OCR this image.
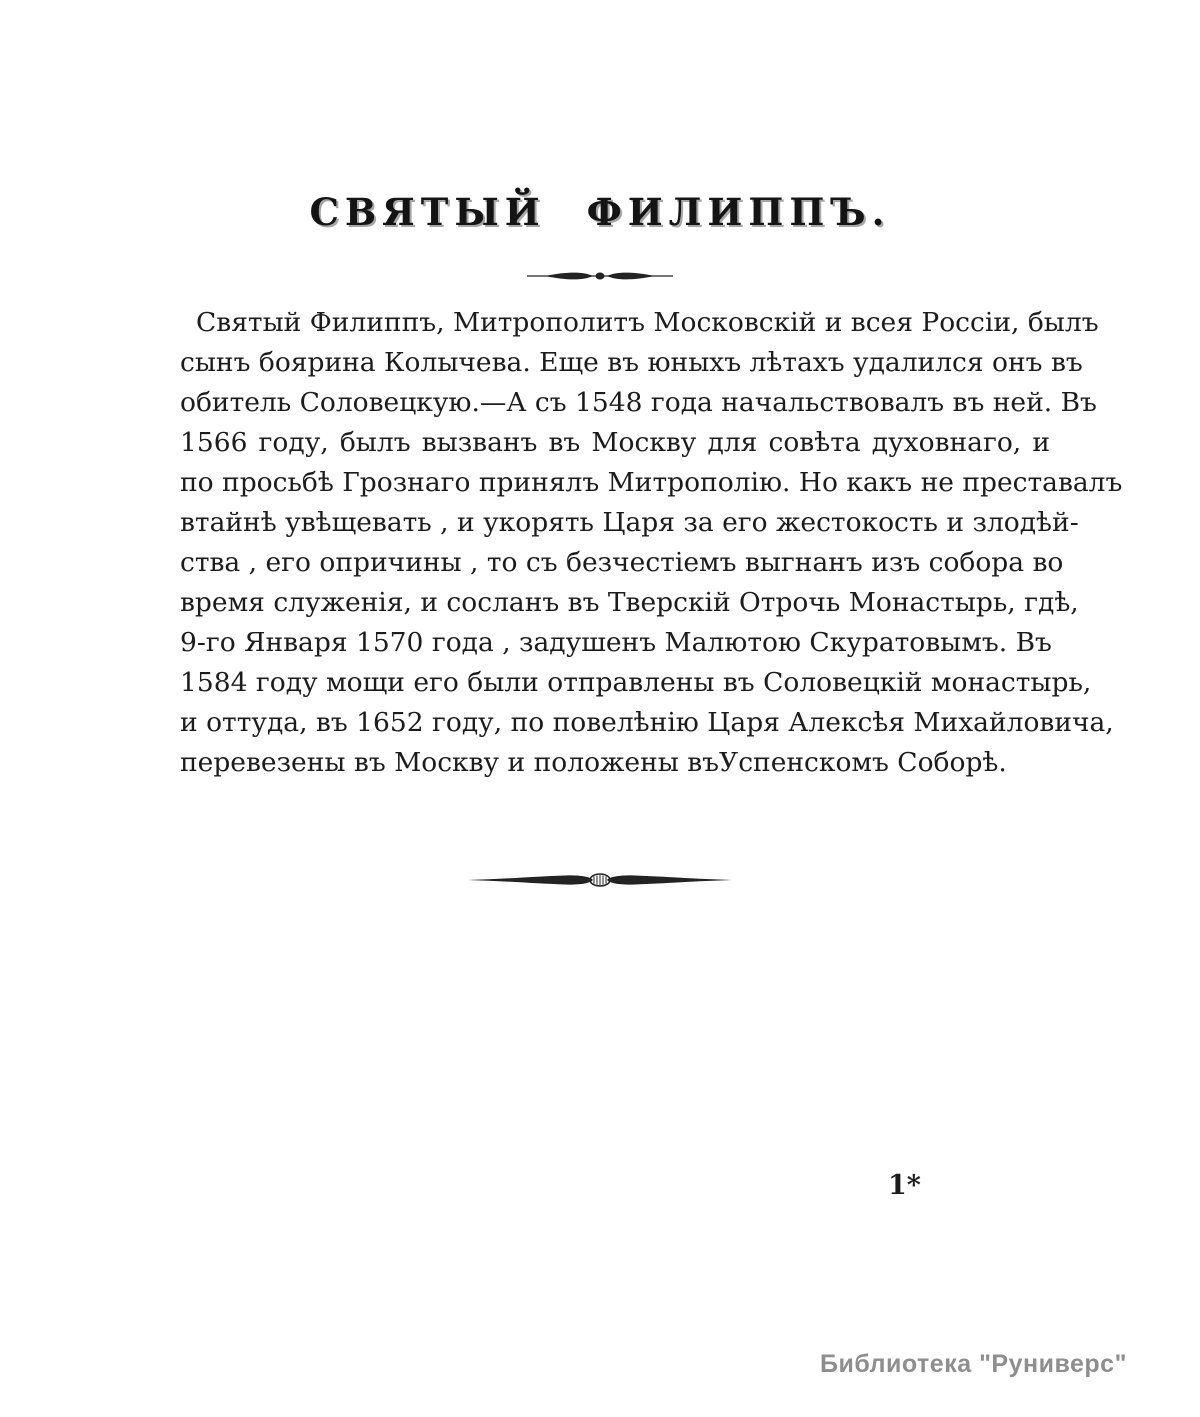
СВЯТЫЙ ФИЛИППЪ.
Святый Филиппъ, Митрополитъ Московскій и всея Россіи, былъ
сынъ боярина Колычева. Еще въ юныхъ лѣтахъ удалился онъ въ
обитель Соловецкую.—А съ 1548 года начальствовалъ въ ней. Въ
1566 году, былъ вызванъ въ Москву для совѣта духовнаго, и
по просьбѣ Грознаго принялъ Митрополію. Но какъ не преставалъ
втайнѣ увѣщевать , и укорять Царя за его жестокость и злодѣй-
ства , его опричины , то съ безчестіемъ выгнанъ изъ собора во
время служенія, и сосланъ въ Тверскій Отрочь Монастырь, гдѣ,
9-го Января 1570 года , задушенъ Малютою Скуратовымъ. Въ
1584 году мощи его были отправлены въ Соловецкій монастырь,
и оттуда, въ 1652 году, по повелѣнію Царя Алексѣя Михайловича,
перевезены въ Москву и положены въУспенскомъ Соборѣ.
1*
Библиотека "Руниверс"
